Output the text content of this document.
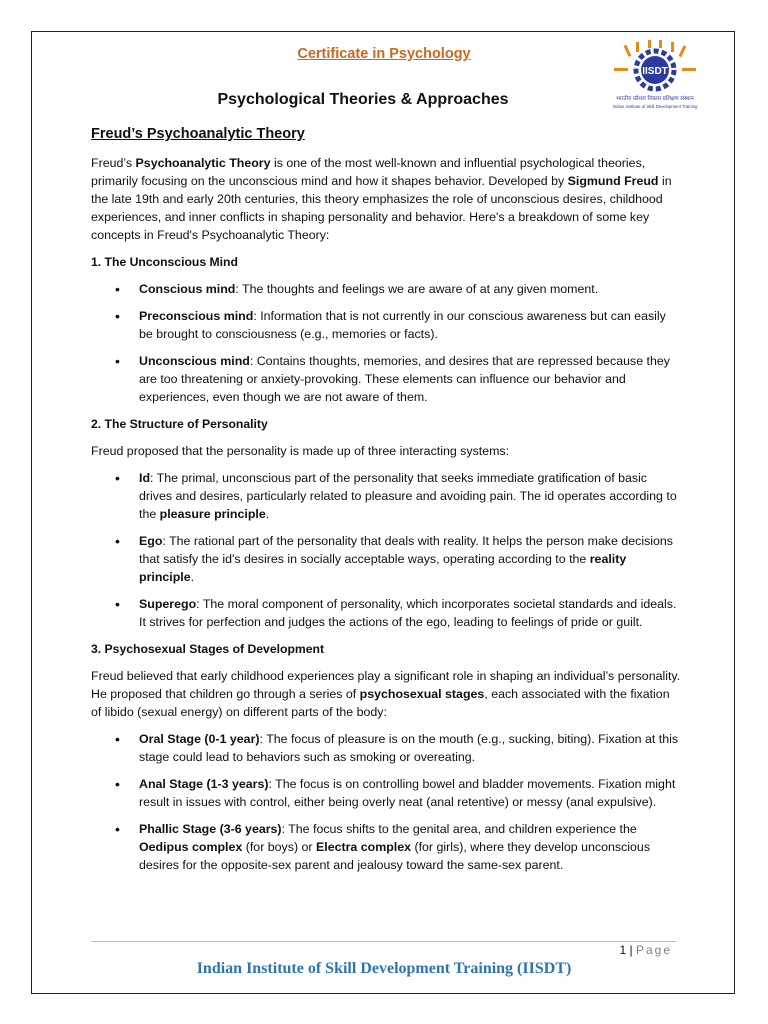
Certificate in Psychology
IISDT
भारतीय कौशल विकास प्रशिक्षण संस्थान
Indian Institute of Skill Development Training
Psychological Theories & Approaches
Freud’s Psychoanalytic Theory

Freud’s Psychoanalytic Theory is one of the most well-known and influential psychological theories, primarily focusing on the unconscious mind and how it shapes behavior. Developed by Sigmund Freud in the late 19th and early 20th centuries, this theory emphasizes the role of unconscious desires, childhood experiences, and inner conflicts in shaping personality and behavior. Here's a breakdown of some key concepts in Freud's Psychoanalytic Theory:

1. The Unconscious Mind
• Conscious mind: The thoughts and feelings we are aware of at any given moment.
• Preconscious mind: Information that is not currently in our conscious awareness but can easily be brought to consciousness (e.g., memories or facts).
• Unconscious mind: Contains thoughts, memories, and desires that are repressed because they are too threatening or anxiety-provoking. These elements can influence our behavior and experiences, even though we are not aware of them.
2. The Structure of Personality

Freud proposed that the personality is made up of three interacting systems:

• Id: The primal, unconscious part of the personality that seeks immediate gratification of basic drives and desires, particularly related to pleasure and avoiding pain. The id operates according to the pleasure principle.
• Ego: The rational part of the personality that deals with reality. It helps the person make decisions that satisfy the id's desires in socially acceptable ways, operating according to the reality principle.
• Superego: The moral component of personality, which incorporates societal standards and ideals. It strives for perfection and judges the actions of the ego, leading to feelings of pride or guilt.
3. Psychosexual Stages of Development

Freud believed that early childhood experiences play a significant role in shaping an individual’s personality. He proposed that children go through a series of psychosexual stages, each associated with the fixation of libido (sexual energy) on different parts of the body:

• Oral Stage (0-1 year): The focus of pleasure is on the mouth (e.g., sucking, biting). Fixation at this stage could lead to behaviors such as smoking or overeating.
• Anal Stage (1-3 years): The focus is on controlling bowel and bladder movements. Fixation might result in issues with control, either being overly neat (anal retentive) or messy (anal expulsive).
• Phallic Stage (3-6 years): The focus shifts to the genital area, and children experience the Oedipus complex (for boys) or Electra complex (for girls), where they develop unconscious desires for the opposite-sex parent and jealousy toward the same-sex parent.
1 | Page
Indian Institute of Skill Development Training (IISDT)
